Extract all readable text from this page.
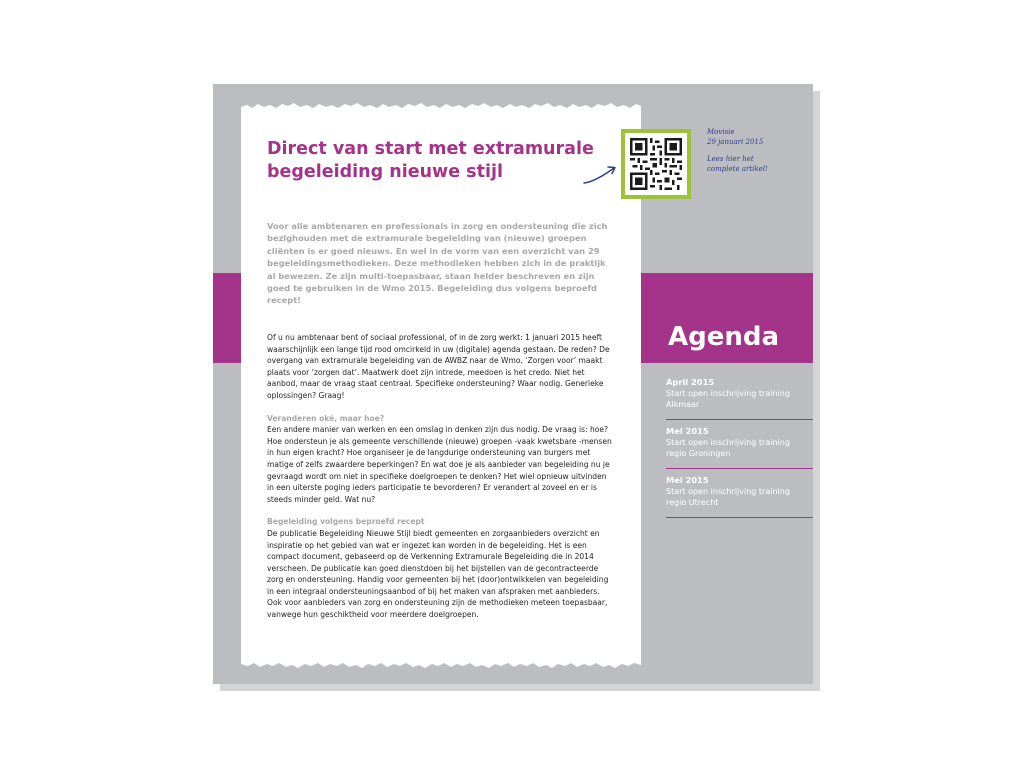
Direct van start met extramurale begeleiding nieuwe stijl

Voor alle ambtenaren en professionals in zorg en ondersteuning die zich bezighouden met de extramurale begeleiding van (nieuwe) groepen cliënten is er goed nieuws. En wel in de vorm van een overzicht van 29 begeleidingsmethodieken. Deze methodieken hebben zich in de praktijk al bewezen. Ze zijn multi-toepasbaar, staan helder beschreven en zijn goed te gebruiken in de Wmo 2015. Begeleiding dus volgens beproefd recept!

Of u nu ambtenaar bent of sociaal professional, of in de zorg werkt: 1 januari 2015 heeft waarschijnlijk een lange tijd rood omcirkeld in uw (digitale) agenda gestaan. De reden? De overgang van extramurale begeleiding van de AWBZ naar de Wmo. ‘Zorgen voor’ maakt plaats voor ‘zorgen dat’. Maatwerk doet zijn intrede, meedoen is het credo. Niet het aanbod, maar de vraag staat centraal. Specifieke ondersteuning? Waar nodig. Generieke oplossingen? Graag!

Veranderen oké, maar hoe?
Een andere manier van werken en een omslag in denken zijn dus nodig. De vraag is: hoe? Hoe ondersteun je als gemeente verschillende (nieuwe) groepen -vaak kwetsbare -mensen in hun eigen kracht? Hoe organiseer je de langdurige ondersteuning van burgers met matige of zelfs zwaardere beperkingen? En wat doe je als aanbieder van begeleiding nu je gevraagd wordt om niet in specifieke doelgroepen te denken? Het wiel opnieuw uitvinden in een uiterste poging ieders participatie te bevorderen? Er verandert al zoveel en er is steeds minder geld. Wat nu?

Begeleiding volgens beproefd recept
De publicatie Begeleiding Nieuwe Stijl biedt gemeenten en zorgaanbieders overzicht en inspiratie op het gebied van wat er ingezet kan worden in de begeleiding. Het is een compact document, gebaseerd op de Verkenning Extramurale Begeleiding die in 2014 verscheen. De publicatie kan goed dienstdoen bij het bijstellen van de gecontracteerde zorg en ondersteuning. Handig voor gemeenten bij het (door)ontwikkelen van begeleiding in een integraal ondersteuningsaanbod of bij het maken van afspraken met aanbieders. Ook voor aanbieders van zorg en ondersteuning zijn de methodieken meteen toepasbaar, vanwege hun geschiktheid voor meerdere doelgroepen.

Movisie
29 januari 2015
Lees hier het
complete artikel!
Agenda
April 2015
Start open inschrijving training
Alkmaar
Mei 2015
Start open inschrijving training
regio Groningen
Mei 2015
Start open inschrijving training
regio Utrecht
